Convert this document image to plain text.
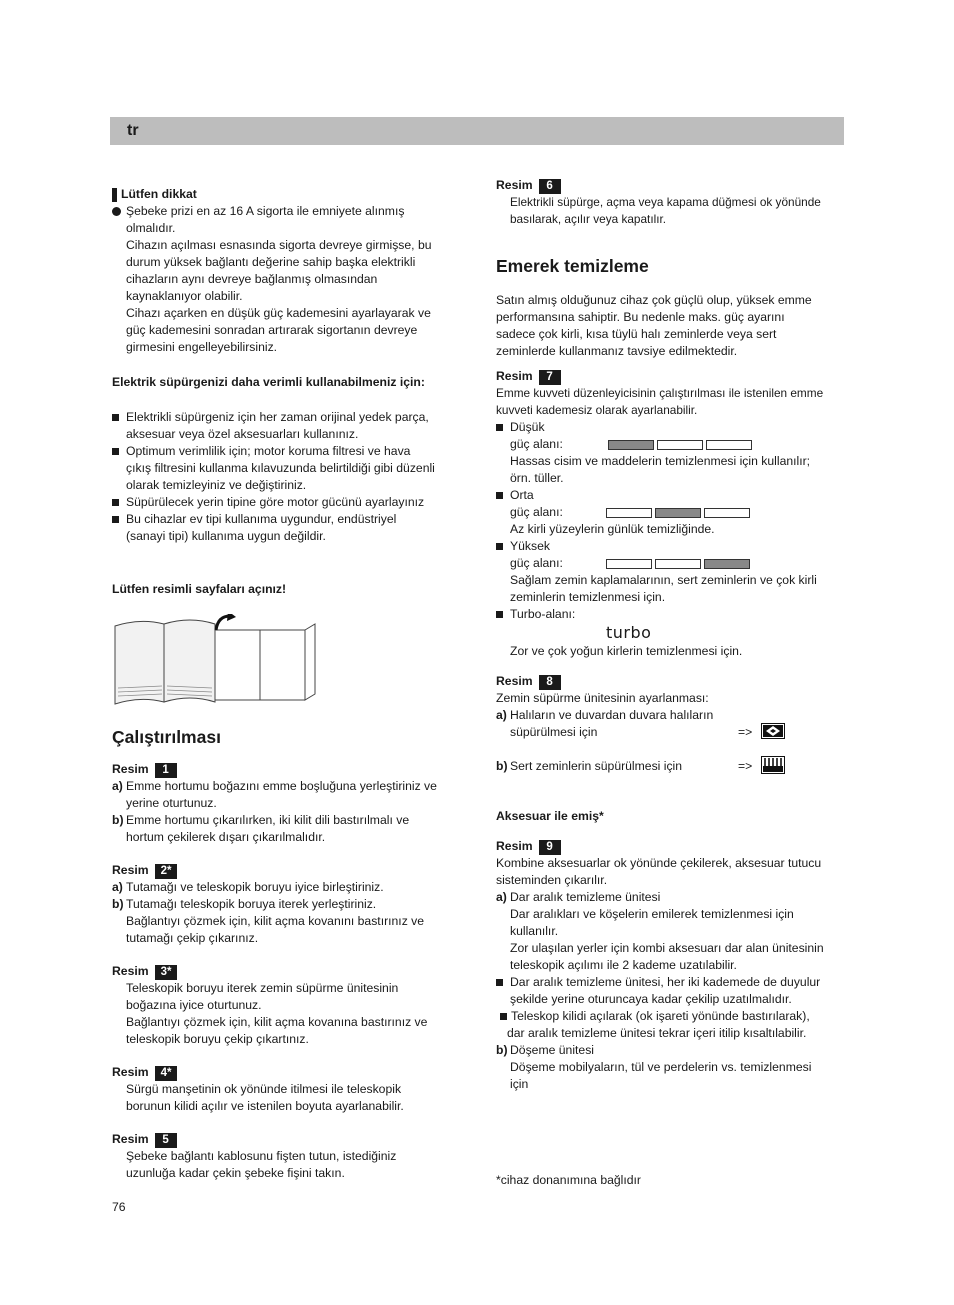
tr
Lütfen dikkat

Şebeke prizi en az 16 A sigorta ile emniyete alınmış

olmalıdır.

Cihazın açılması esnasında sigorta devreye girmişse, bu

durum yüksek bağlantı değerine sahip başka elektrikli

cihazların aynı devreye bağlanmış olmasından

kaynaklanıyor olabilir.

Cihazı açarken en düşük güç kademesini ayarlayarak ve

güç kademesini sonradan artırarak sigortanın devreye

girmesini engelleyebilirsiniz.

Elektrik süpürgenizi daha verimli kullanabilmeniz için:

Elektrikli süpürgeniz için her zaman orijinal yedek parça,

aksesuar veya özel aksesuarları kullanınız.

Optimum verimlilik için; motor koruma filtresi ve hava

çıkış filtresini kullanma kılavuzunda belirtildiği gibi düzenli

olarak temizleyiniz ve değiştiriniz.

Süpürülecek yerin tipine göre motor gücünü ayarlayınız

Bu cihazlar ev tipi kullanıma uygundur, endüstriyel

(sanayi tipi) kullanıma uygun değildir.

Lütfen resimli sayfaları açınız!

Çalıştırılması

Resim	1
a) Emme hortumu boğazını emme boşluğuna yerleştiriniz ve

yerine oturtunuz.

b) Emme hortumu çıkarılırken, iki kilit dili bastırılmalı ve

hortum çekilerek dışarı çıkarılmalıdır.

Resim	2*
a) Tutamağı ve teleskopik boruyu iyice birleştiriniz.

b) Tutamağı teleskopik boruya iterek yerleştiriniz.

Bağlantıyı çözmek için, kilit açma kovanını bastırınız ve

tutamağı çekip çıkarınız.

Resim	3*

Teleskopik boruyu iterek zemin süpürme ünitesinin

boğazına iyice oturtunuz.

Bağlantıyı çözmek için, kilit açma kovanına bastırınız ve

teleskopik boruyu çekip çıkartınız.

Resim	4*

Sürgü manşetinin ok yönünde itilmesi ile teleskopik

borunun kilidi açılır ve istenilen boyuta ayarlanabilir.

Resim	5

Şebeke bağlantı kablosunu fişten tutun, istediğiniz

uzunluğa kadar çekin şebeke fişini takın.

Resim	6

Elektrikli süpürge, açma veya kapama düğmesi ok yönünde

basılarak, açılır veya kapatılır.

Emerek temizleme

Satın almış olduğunuz cihaz çok güçlü olup, yüksek emme

performansına sahiptir. Bu nedenle maks. güç ayarını

sadece çok kirli, kısa tüylü halı zeminlerde veya sert

zeminlerde kullanmanız tavsiye edilmektedir.

Resim	7

Emme kuvveti düzenleyicisinin çalıştırılması ile istenilen emme

kuvveti kademesiz olarak ayarlanabilir.

Düşük

güç alanı:

Hassas cisim ve maddelerin temizlenmesi için kullanılır;

örn. tüller.

Orta

güç alanı:

Az kirli yüzeylerin günlük temizliğinde.

Yüksek

güç alanı:

Sağlam zemin kaplamalarının, sert zeminlerin ve çok kirli

zeminlerin temizlenmesi için.

Turbo-alanı:

turbo

Zor ve çok yoğun kirlerin temizlenmesi için.

Resim	8

Zemin süpürme ünitesinin ayarlanması:

a) Halıların ve duvardan duvara halıların

süpürülmesi için	=>
b) Sert zeminlerin süpürülmesi için	=>

Aksesuar ile emiş*

Resim	9

Kombine aksesuarlar ok yönünde çekilerek, aksesuar tutucu

sisteminden çıkarılır.

a) Dar aralık temizleme ünitesi

Dar aralıkları ve köşelerin emilerek temizlenmesi için

kullanılır.

Zor ulaşılan yerler için kombi aksesuarı dar alan ünitesinin

teleskopik açılımı ile 2 kademe uzatılabilir.

Dar aralık temizleme ünitesi, her iki kademede de duyulur

şekilde yerine oturuncaya kadar çekilip uzatılmalıdır.

Teleskop kilidi açılarak (ok işareti yönünde bastırılarak),

dar aralık temizleme ünitesi tekrar içeri itilip kısaltılabilir.

b) Döşeme ünitesi

Döşeme mobilyaların, tül ve perdelerin vs. temizlenmesi

için

*cihaz donanımına bağlıdır
76
